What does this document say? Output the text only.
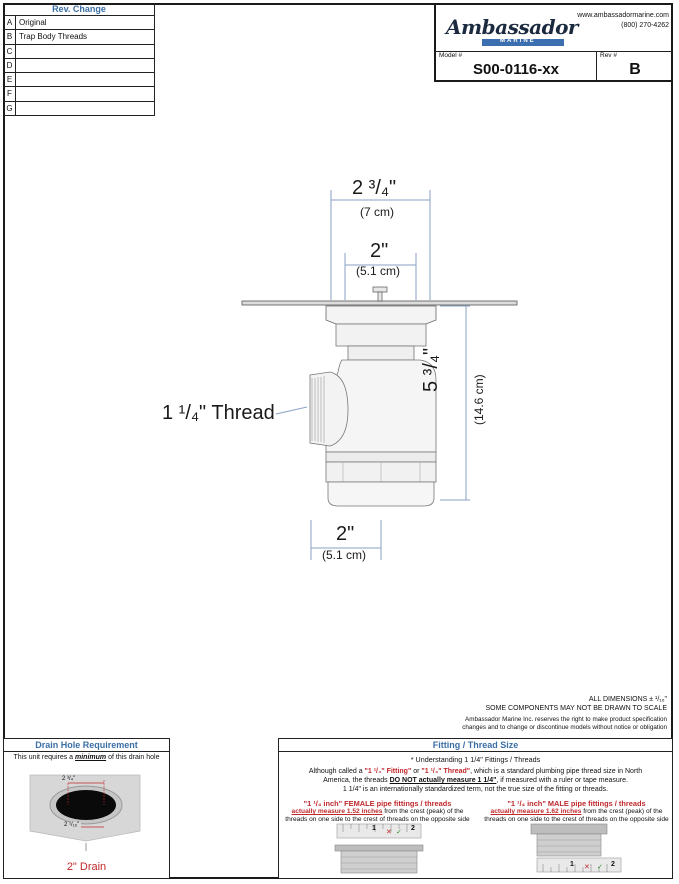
Rev. Change
A Original
B Trap Body Threads
C
D
E
F
G
Ambassador
MARINE
www.ambassadormarine.com
(800) 270-4262
Model #
S00-0116-xx
Rev #
B
2 ³/₄"
(7 cm)
2"
(5.1 cm)
5 ³/₄"
(14.6 cm)
1 ¹/₄" Thread
2"
(5.1 cm)
ALL DIMENSIONS ± ¹/₁₆"
SOME COMPONENTS MAY NOT BE DRAWN TO SCALE
Ambassador Marine Inc. reserves the right to make product specification
changes and to change or discontinue models without notice or obligation
Drain Hole Requirement
This unit requires a minimum of this drain hole
2 ³/₄"
2 ¹/₁₆"
2" Drain
Fitting / Thread Size
* Understanding 1 1/4" Fittings / Threads
Although called a "1 ¹/₄" Fitting" or "1 ¹/₄" Thread", which is a standard plumbing pipe thread size in North
America, the threads DO NOT actually measure 1 1/4", if measured with a ruler or tape measure.
1 1/4" is an internationally standardized term, not the true size of the fitting or threads.
"1 ¹/₄ inch" FEMALE pipe fittings / threads
actually measure 1.52 inches from the crest (peak) of the
threads on one side to the crest of threads on the opposite side
"1 ¹/₄ inch" MALE pipe fittings / threads
actually measure 1.62 inches from the crest (peak) of the
threads on one side to the crest of threads on the opposite side
✕ ✓
✕ ✓
1	2
1	2
